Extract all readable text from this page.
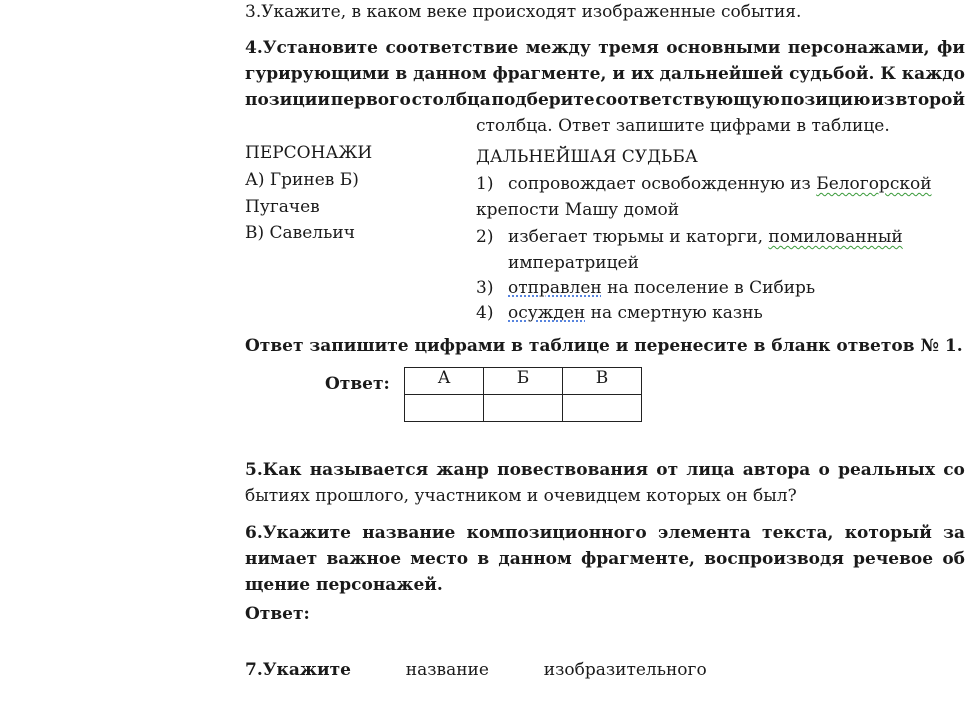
3.Укажите, в каком веке происходят изображенные события.
4.Установите соответствие между тремя основными персонажами, фи
гурирующими в данном фрагменте, и их дальнейшей судьбой. К каждо
позиции первого столбца подберите соответствующую позицию из второй
столбца. Ответ запишите цифрами в таблице.
ПЕРСОНАЖИ
А) Гринев Б)
Пугачев
В) Савельич
ДАЛЬНЕЙШАЯ СУДЬБА
1) сопровождает освобожденную из Белогорской
крепости Машу домой
2) избегает тюрьмы и каторги, помилованный
императрицей
3) отправлен на поселение в Сибирь
4) осужден на смертную казнь
Ответ запишите цифрами в таблице и перенесите в бланк ответов № 1.
Ответ:	А	Б	В

5.Как называется жанр повествования от лица автора о реальных со
бытиях прошлого, участником и очевидцем которых он был?
6.Укажите название композиционного элемента текста, который за
нимает важное место в данном фрагменте, воспроизводя речевое об
щение персонажей.
Ответ:
7.Укажите	название	изобразительного
